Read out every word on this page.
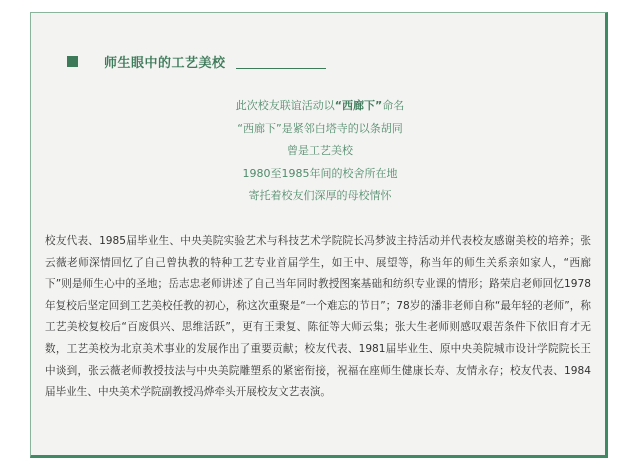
师生眼中的工艺美校
此次校友联谊活动以“西廊下”命名
“西廊下”是紧邻白塔寺的以条胡同
曾是工艺美校
1980至1985年间的校舍所在地
寄托着校友们深厚的母校情怀
校友代表、1985届毕业生、中央美院实验艺术与科技艺术学院院长冯梦波主持活动并代表校友感谢美校的培养；张云薇老师深情回忆了自己曾执教的特种工艺专业首届学生，如王中、展望等，称当年的师生关系亲如家人，“西廊下”则是师生心中的圣地；岳志忠老师讲述了自己当年同时教授图案基础和纺织专业课的情形；路荣启老师回忆1978年复校后坚定回到工艺美校任教的初心，称这次重聚是“一个难忘的节日”；78岁的潘非老师自称“最年轻的老师”，称工艺美校复校后“百废俱兴、思维活跃”，更有王秉复、陈征等大师云集；张大生老师则感叹艰苦条件下依旧育才无数，工艺美校为北京美术事业的发展作出了重要贡献；校友代表、1981届毕业生、原中央美院城市设计学院院长王中谈到，张云薇老师教授技法与中央美院雕塑系的紧密衔接，祝福在座师生健康长寿、友情永存；校友代表、1984届毕业生、中央美术学院副教授冯烨牵头开展校友文艺表演。
